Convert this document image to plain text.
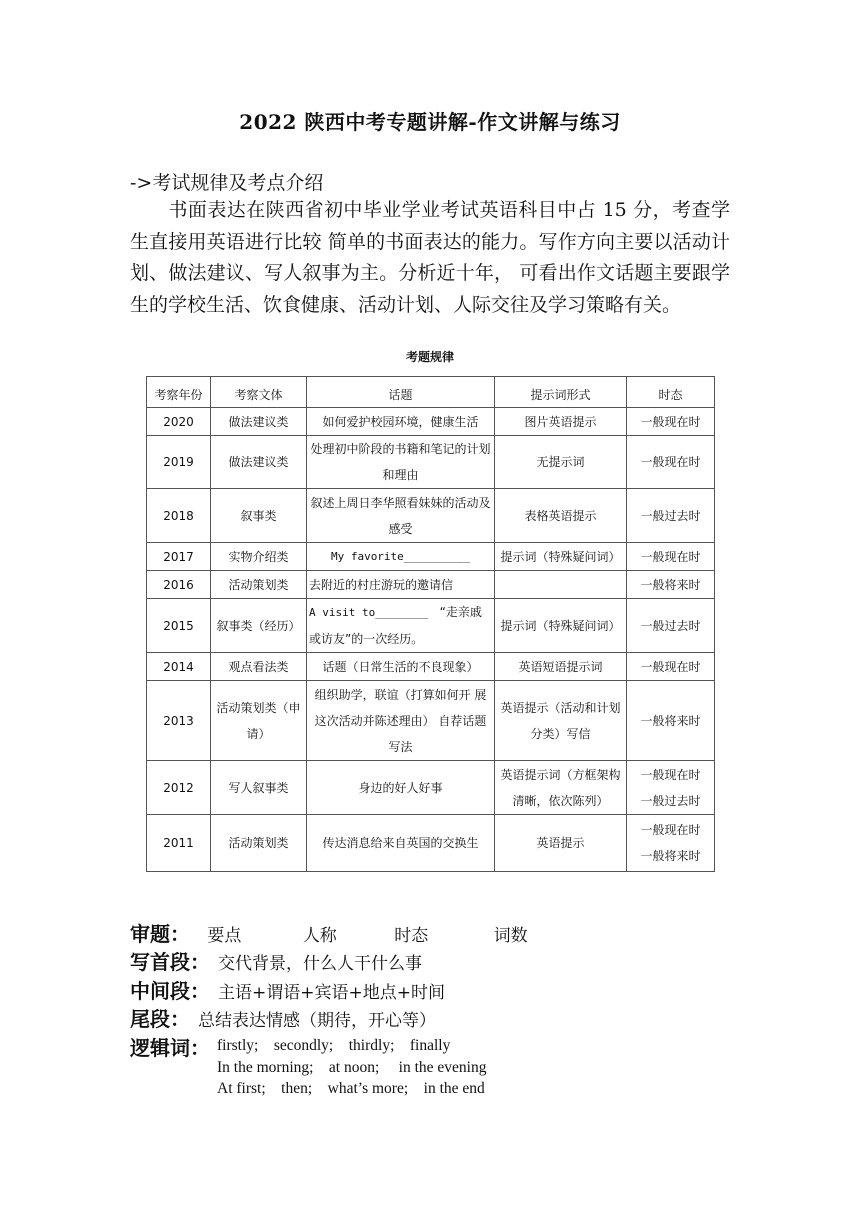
2022 陕西中考专题讲解-作文讲解与练习
->考试规律及考点介绍
书面表达在陕西省初中毕业学业考试英语科目中占 15 分，考查学生直接用英语进行比较 简单的书面表达的能力。写作方向主要以活动计划、做法建议、写人叙事为主。分析近十年， 可看出作文话题主要跟学生的学校生活、饮食健康、活动计划、人际交往及学习策略有关。
考题规律
考察年份	考察文体	话题	提示词形式	时态
2020	做法建议类	如何爱护校园环境，健康生活	图片英语提示	一般现在时
2019	做法建议类	处理初中阶段的书籍和笔记的计划和理由	无提示词	一般现在时
2018	叙事类	叙述上周日李华照看妹妹的活动及感受	表格英语提示	一般过去时
2017	实物介绍类	My favorite__________	提示词（特殊疑问词）	一般现在时
2016	活动策划类	去附近的村庄游玩的邀请信		一般将来时
2015	叙事类（经历）	A visit to________ “走亲戚或访友”的一次经历。	提示词（特殊疑问词）	一般过去时
2014	观点看法类	话题（日常生活的不良现象）	英语短语提示词	一般现在时
2013	活动策划类（申请）	组织助学，联谊（打算如何开 展这次活动并陈述理由） 自荐话题写法	英语提示（活动和计划分类）写信	一般将来时
2012	写人叙事类	身边的好人好事	英语提示词（方框架构清晰，依次陈列）	一般现在时
一般过去时

2011	活动策划类	传达消息给来自英国的交换生	英语提示	一般现在时
一般将来时
审题： 要点	人称	时态	词数
写首段： 交代背景，什么人干什么事
中间段： 主语+谓语+宾语+地点+时间
尾段： 总结表达情感（期待，开心等）
逻辑词： firstly;    secondly;    thirdly;    finally
In the morning;    at noon;     in the evening
At first;    then;    what’s more;    in the end
